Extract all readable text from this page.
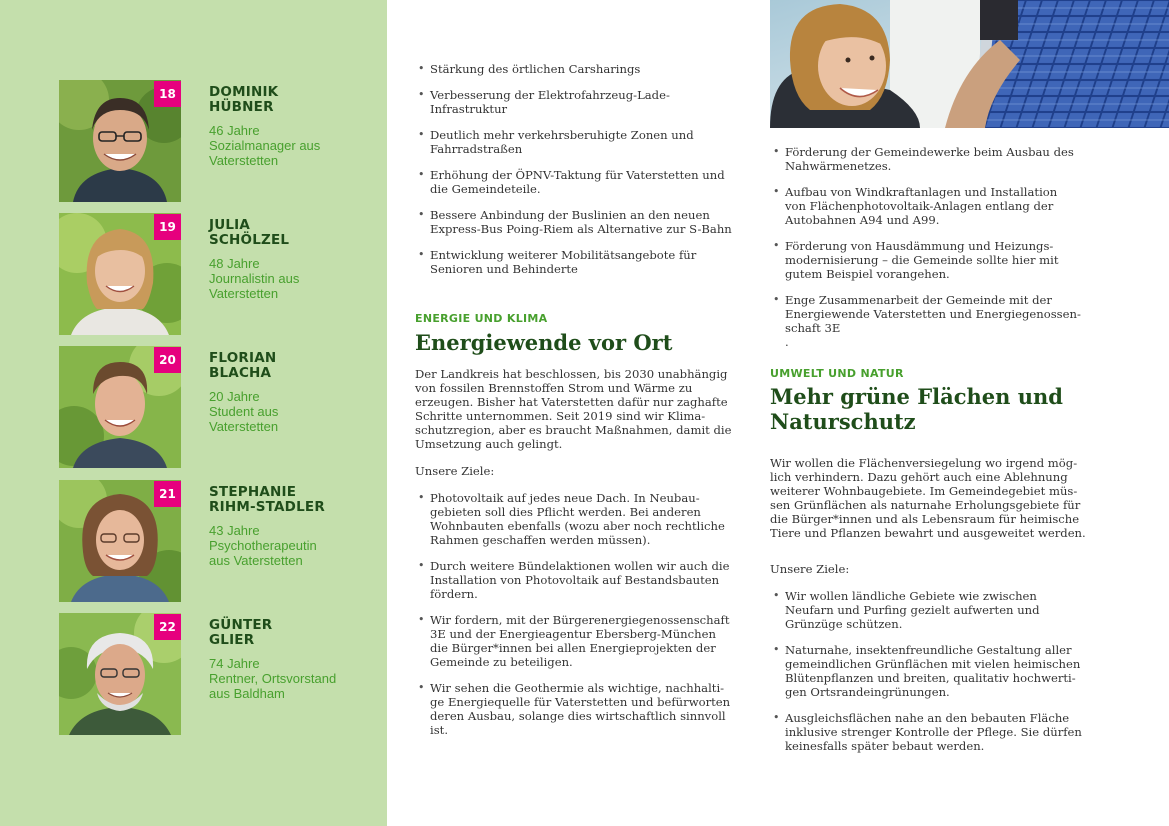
18	DOMINIK
HÜBNER
46 Jahre
Sozialmanager aus
Vaterstetten
19	JULIA
SCHÖLZEL
48 Jahre
Journalistin aus
Vaterstetten
20	FLORIAN
BLACHA
20 Jahre
Student aus
Vaterstetten
21	STEPHANIE
RIHM-STADLER
43 Jahre
Psychotherapeutin
aus Vaterstetten
22	GÜNTER
GLIER
74 Jahre
Rentner, Ortsvorstand
aus Baldham
• Stärkung des örtlichen Carsharings
• Verbesserung der Elektrofahrzeug-Lade-
Infrastruktur
• Deutlich mehr verkehrsberuhigte Zonen und
Fahrradstraßen
• Erhöhung der ÖPNV-Taktung für Vaterstetten und
die Gemeindeteile.
• Bessere Anbindung der Buslinien an den neuen
Express-Bus Poing-Riem als Alternative zur S-Bahn
• Entwicklung weiterer Mobilitätsangebote für
Senioren und Behinderte
ENERGIE UND KLIMA
Energiewende vor Ort
Der Landkreis hat beschlossen, bis 2030 unabhängig
von fossilen Brennstoffen Strom und Wärme zu
erzeugen. Bisher hat Vaterstetten dafür nur zaghafte
Schritte unternommen. Seit 2019 sind wir Klima-
schutzregion, aber es braucht Maßnahmen, damit die
Umsetzung auch gelingt.
Unsere Ziele:
• Photovoltaik auf jedes neue Dach. In Neubau-
gebieten soll dies Pflicht werden. Bei anderen
Wohnbauten ebenfalls (wozu aber noch rechtliche
Rahmen geschaffen werden müssen).
• Durch weitere Bündelaktionen wollen wir auch die
Installation von Photovoltaik auf Bestandsbauten
fördern.
• Wir fordern, mit der Bürgerenergiegenossenschaft
3E und der Energieagentur Ebersberg-München
die Bürger*innen bei allen Energieprojekten der
Gemeinde zu beteiligen.
• Wir sehen die Geothermie als wichtige, nachhalti-
ge Energiequelle für Vaterstetten und befürworten
deren Ausbau, solange dies wirtschaftlich sinnvoll
ist.
• Förderung der Gemeindewerke beim Ausbau des
Nahwärmenetzes.
• Aufbau von Windkraftanlagen und Installation
von Flächenphotovoltaik-Anlagen entlang der
Autobahnen A94 und A99.
• Förderung von Hausdämmung und Heizungs-
modernisierung – die Gemeinde sollte hier mit
gutem Beispiel vorangehen.
• Enge Zusammenarbeit der Gemeinde mit der
Energiewende Vaterstetten und Energiegenossen-
schaft 3E
.
UMWELT UND NATUR
Mehr grüne Flächen und
Naturschutz
Wir wollen die Flächenversiegelung wo irgend mög-
lich verhindern. Dazu gehört auch eine Ablehnung
weiterer Wohnbaugebiete. Im Gemeindegebiet müs-
sen Grünflächen als naturnahe Erholungsgebiete für
die Bürger*innen und als Lebensraum für heimische
Tiere und Pflanzen bewahrt und ausgeweitet werden.
Unsere Ziele:
• Wir wollen ländliche Gebiete wie zwischen
Neufarn und Purfing gezielt aufwerten und
Grünzüge schützen.
• Naturnahe, insektenfreundliche Gestaltung aller
gemeindlichen Grünflächen mit vielen heimischen
Blütenpflanzen und breiten, qualitativ hochwerti-
gen Ortsrandeingrünungen.
• Ausgleichsflächen nahe an den bebauten Fläche
inklusive strenger Kontrolle der Pflege. Sie dürfen
keinesfalls später bebaut werden.
